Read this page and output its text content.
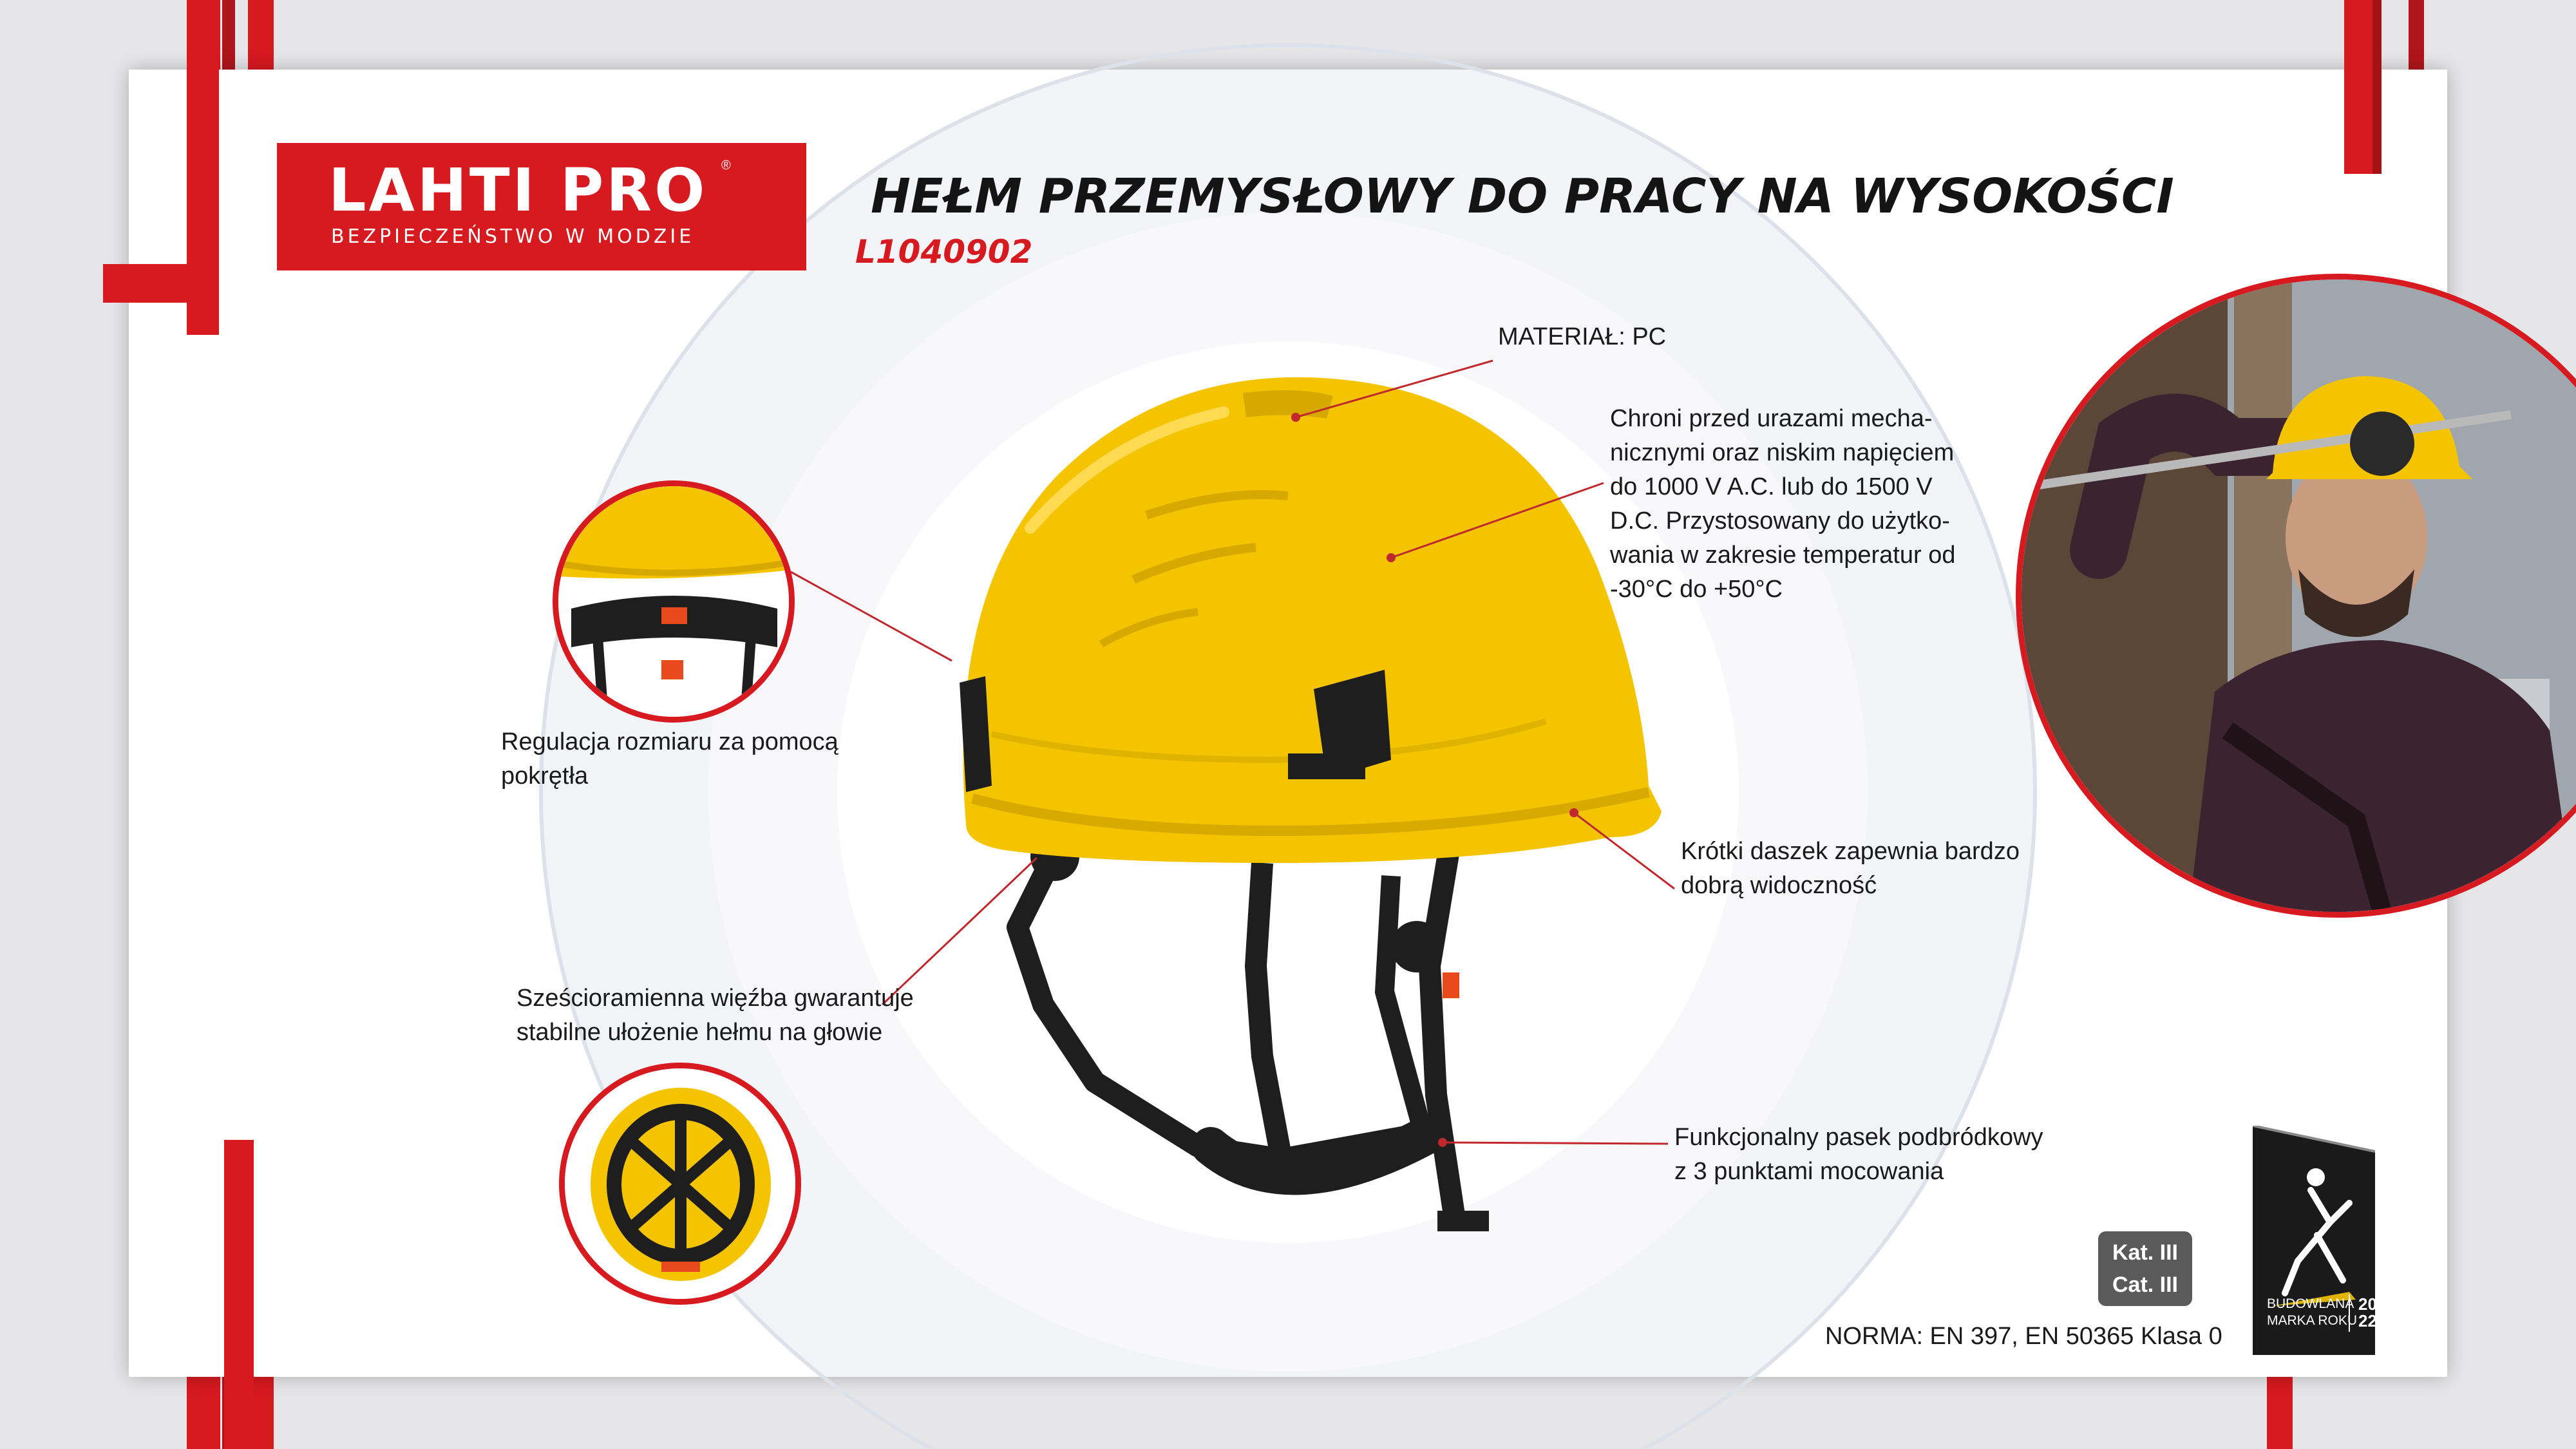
LAHTI PRO ®
BEZPIECZEŃSTWO W MODZIE
HEŁM PRZEMYSŁOWY DO PRACY NA WYSOKOŚCI
L1040902

MATERIAŁ: PC

Chroni przed urazami mecha-
nicznymi oraz niskim napięciem
do 1000 V A.C. lub do 1500 V
D.C. Przystosowany do użytko-
wania w zakresie temperatur od
-30°C do +50°C
Krótki daszek zapewnia bardzo
dobrą widoczność
Funkcjonalny pasek podbródkowy
z 3 punktami mocowania
Regulacja rozmiaru za pomocą
pokrętła
Sześcioramienna więźba gwarantuje
stabilne ułożenie hełmu na głowie
Kat. III
Cat. III
BUDOWLANA
MARKA ROKU
20
22

NORMA: EN 397, EN 50365 Klasa 0
